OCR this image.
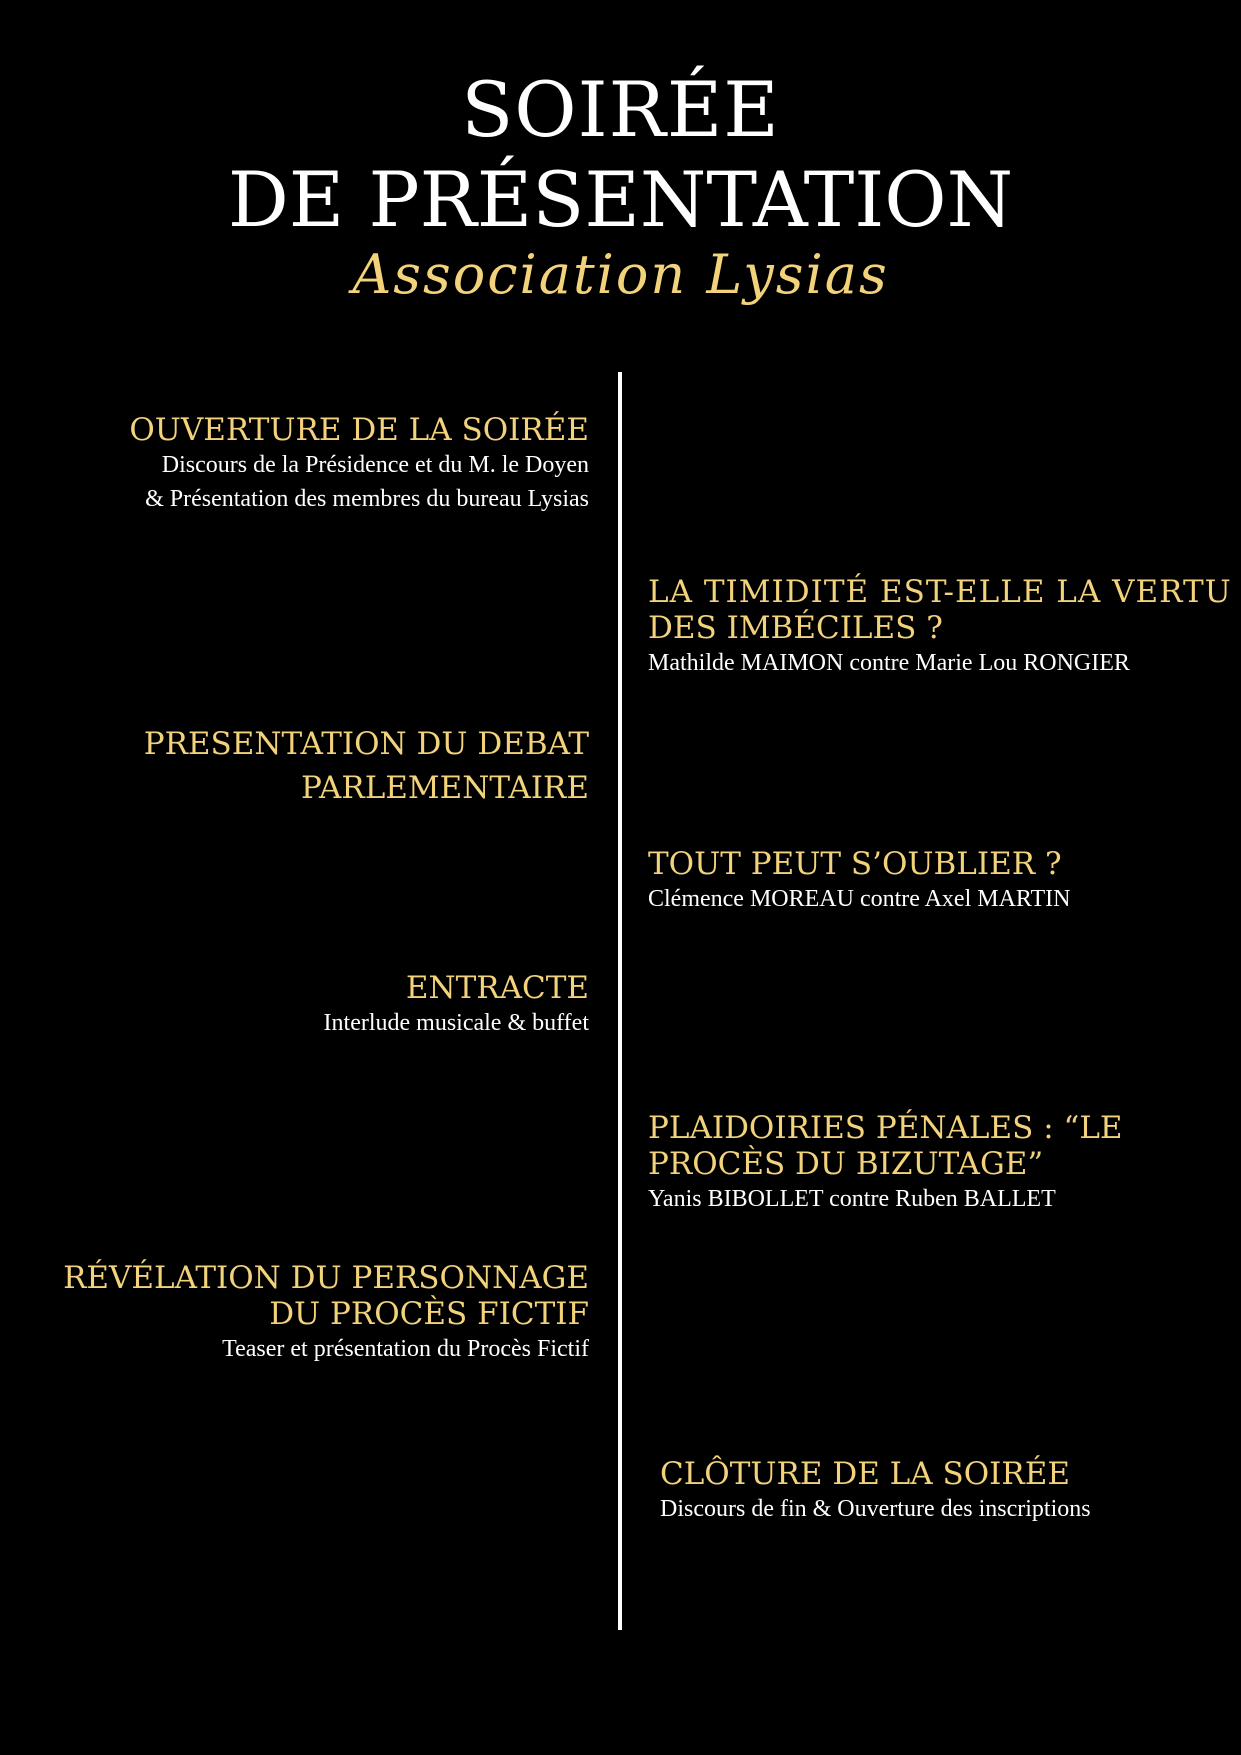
SOIRÉE
DE PRÉSENTATION
Association Lysias

OUVERTURE DE LA SOIRÉE

Discours de la Présidence et du M. le Doyen

& Présentation des membres du bureau Lysias

LA TIMIDITÉ EST-ELLE LA VERTU

DES IMBÉCILES ?

Mathilde MAIMON contre Marie Lou RONGIER

PRESENTATION DU DEBAT

PARLEMENTAIRE

TOUT PEUT S’OUBLIER ?

Clémence MOREAU contre Axel MARTIN

ENTRACTE

Interlude musicale & buffet

PLAIDOIRIES PÉNALES : “LE

PROCÈS DU BIZUTAGE”

Yanis BIBOLLET contre Ruben BALLET

RÉVÉLATION DU PERSONNAGE

DU PROCÈS FICTIF

Teaser et présentation du Procès Fictif

CLÔTURE DE LA SOIRÉE

Discours de fin & Ouverture des inscriptions
